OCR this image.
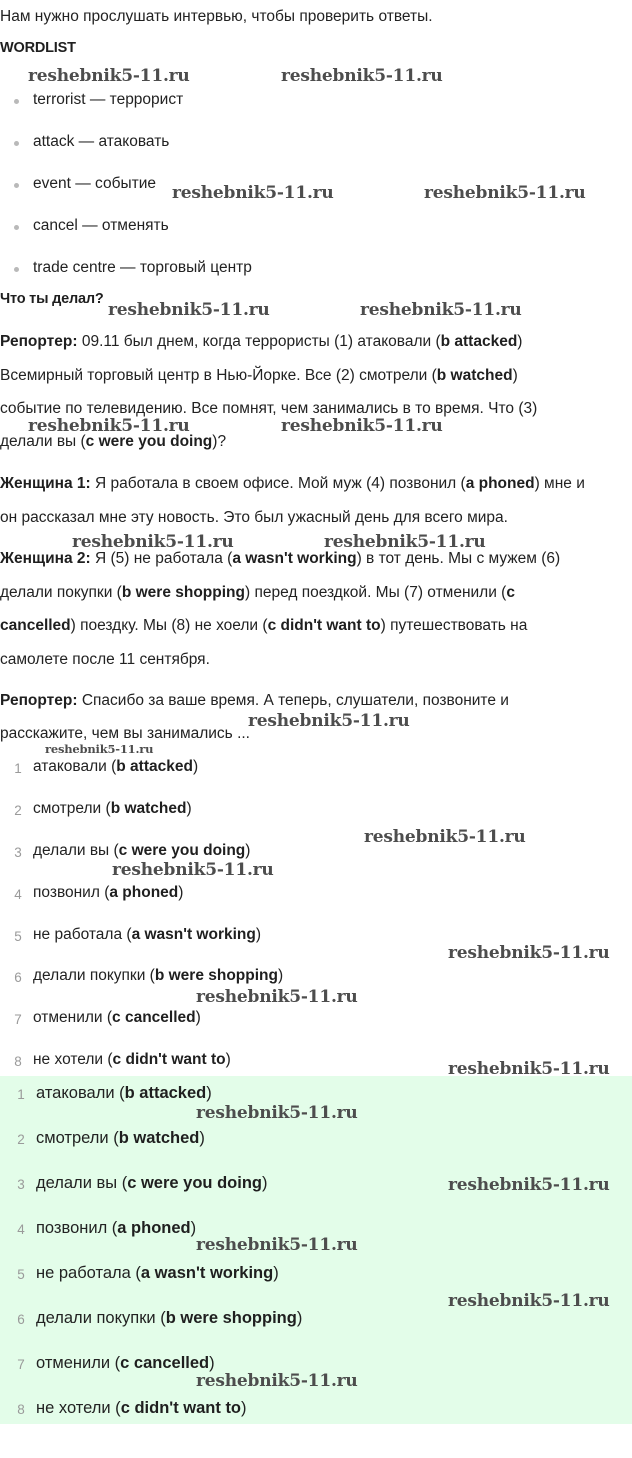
Нам нужно прослушать интервью, чтобы проверить ответы.
WORDLIST
terrorist — террорист
attack — атаковать
event — событие
cancel — отменять
trade centre — торговый центр
Что ты делал?
Репортер: 09.11 был днем, когда террористы (1) атаковали (b attacked)
Всемирный торговый центр в Нью-Йорке. Все (2) смотрели (b watched)
событие по телевидению. Все помнят, чем занимались в то время. Что (3)
делали вы (c were you doing)?
Женщина 1: Я работала в своем офисе. Мой муж (4) позвонил (a phoned) мне и
он рассказал мне эту новость. Это был ужасный день для всего мира.
Женщина 2: Я (5) не работала (a wasn't working) в тот день. Мы с мужем (6)
делали покупки (b were shopping) перед поездкой. Мы (7) отменили (c
cancelled) поездку. Мы (8) не хоели (c didn't want to) путешествовать на
самолете после 11 сентября.
Репортер: Спасибо за ваше время. А теперь, слушатели, позвоните и
расскажите, чем вы занимались ...
1 атаковали (b attacked)
2 смотрели (b watched)
3 делали вы (c were you doing)
4 позвонил (a phoned)
5 не работала (a wasn't working)
6 делали покупки (b were shopping)
7 отменили (c cancelled)
8 не хотели (c didn't want to)
1 атаковали (b attacked)
2 смотрели (b watched)
3 делали вы (c were you doing)
4 позвонил (a phoned)
5 не работала (a wasn't working)
6 делали покупки (b were shopping)
7 отменили (c cancelled)
8 не хотели (c didn't want to)
reshebnik5-11.ru	reshebnik5-11.ru
reshebnik5-11.ru	reshebnik5-11.ru
reshebnik5-11.ru	reshebnik5-11.ru
reshebnik5-11.ru	reshebnik5-11.ru
reshebnik5-11.ru	reshebnik5-11.ru
reshebnik5-11.ru
reshebnik5-11.ru
reshebnik5-11.ru
reshebnik5-11.ru
reshebnik5-11.ru
reshebnik5-11.ru
reshebnik5-11.ru
reshebnik5-11.ru
reshebnik5-11.ru
reshebnik5-11.ru
reshebnik5-11.ru
reshebnik5-11.ru
